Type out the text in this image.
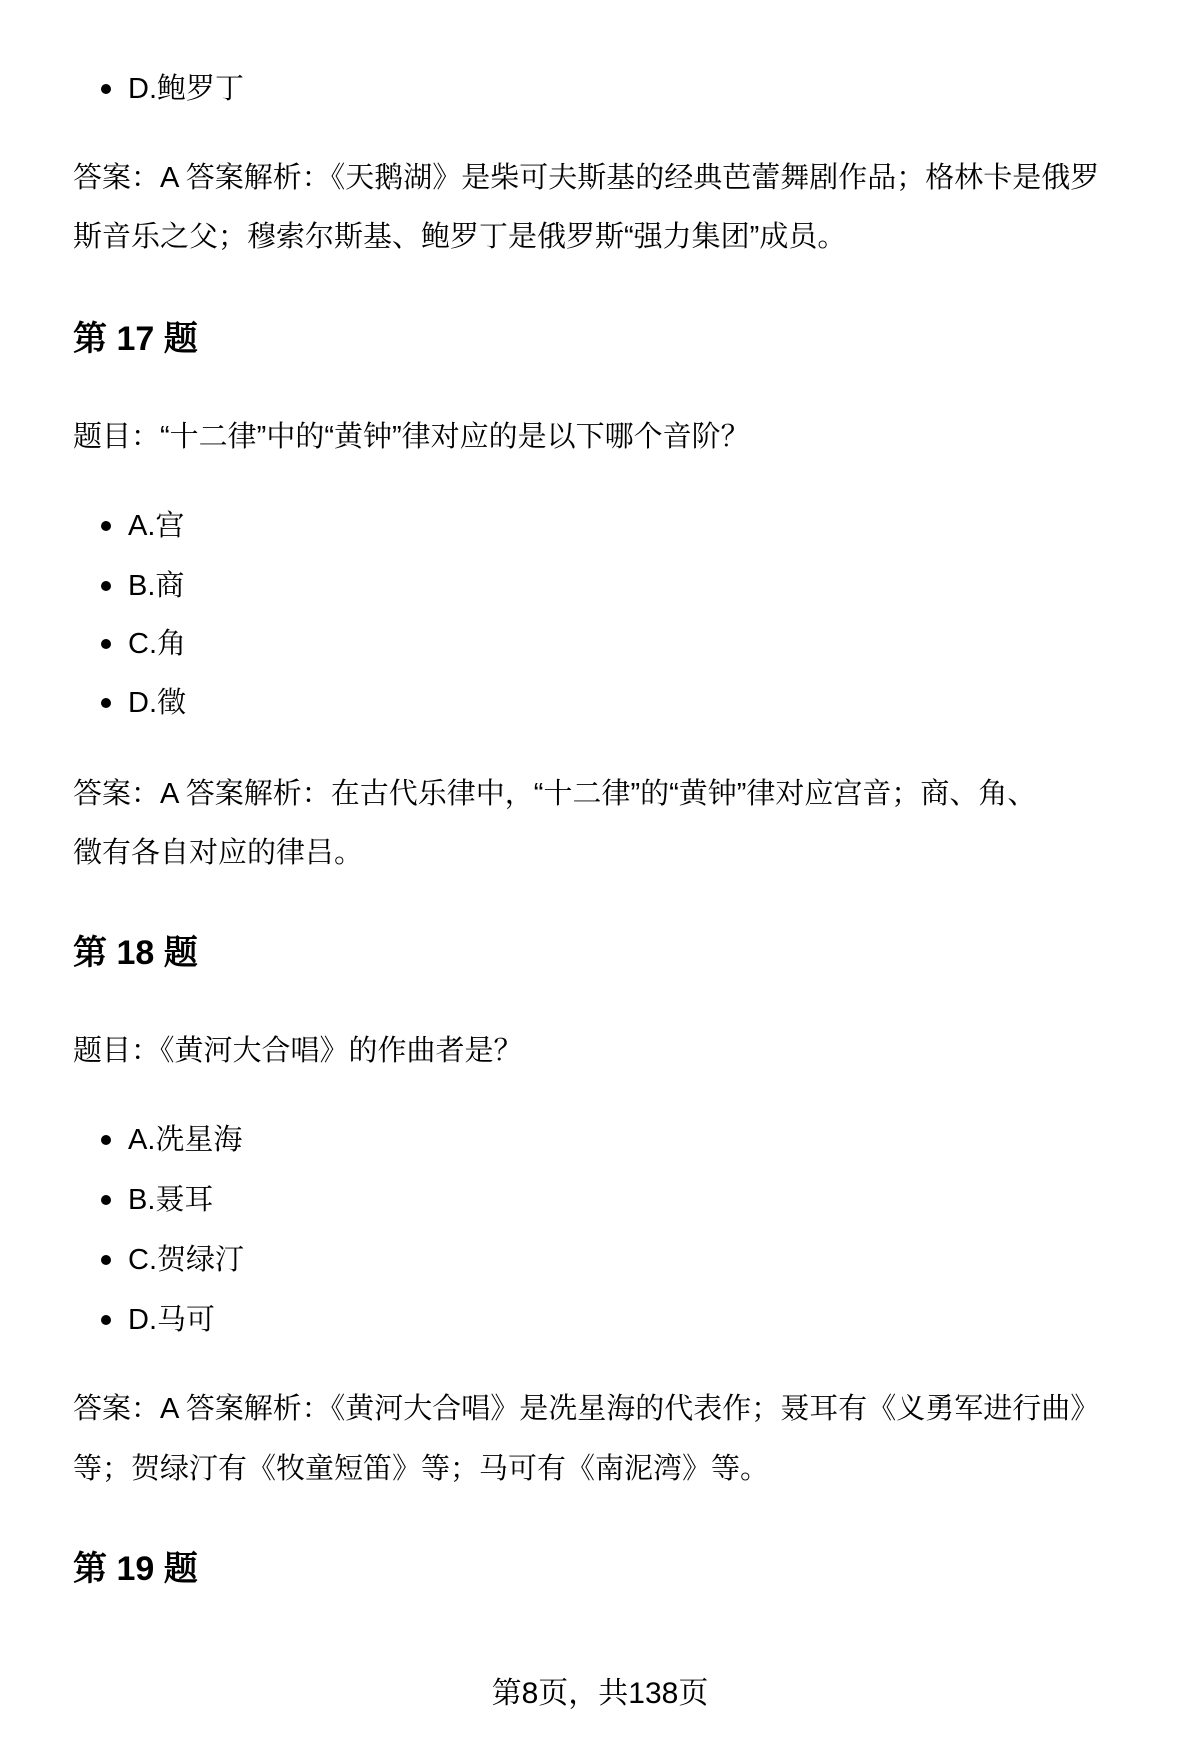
D.鲍罗丁
答案：A 答案解析：《天鹅湖》是柴可夫斯基的经典芭蕾舞剧作品；格林卡是俄罗
斯音乐之父；穆索尔斯基、鲍罗丁是俄罗斯“强力集团”成员。
第 17 题
题目：“十二律”中的“黄钟”律对应的是以下哪个音阶？
A.宫
B.商
C.角
D.徵
答案：A 答案解析：在古代乐律中，“十二律”的“黄钟”律对应宫音；商、角、
徵有各自对应的律吕。
第 18 题
题目：《黄河大合唱》的作曲者是？
A.冼星海
B.聂耳
C.贺绿汀
D.马可
答案：A 答案解析：《黄河大合唱》是冼星海的代表作；聂耳有《义勇军进行曲》
等；贺绿汀有《牧童短笛》等；马可有《南泥湾》等。
第 19 题
第8页，共138页
